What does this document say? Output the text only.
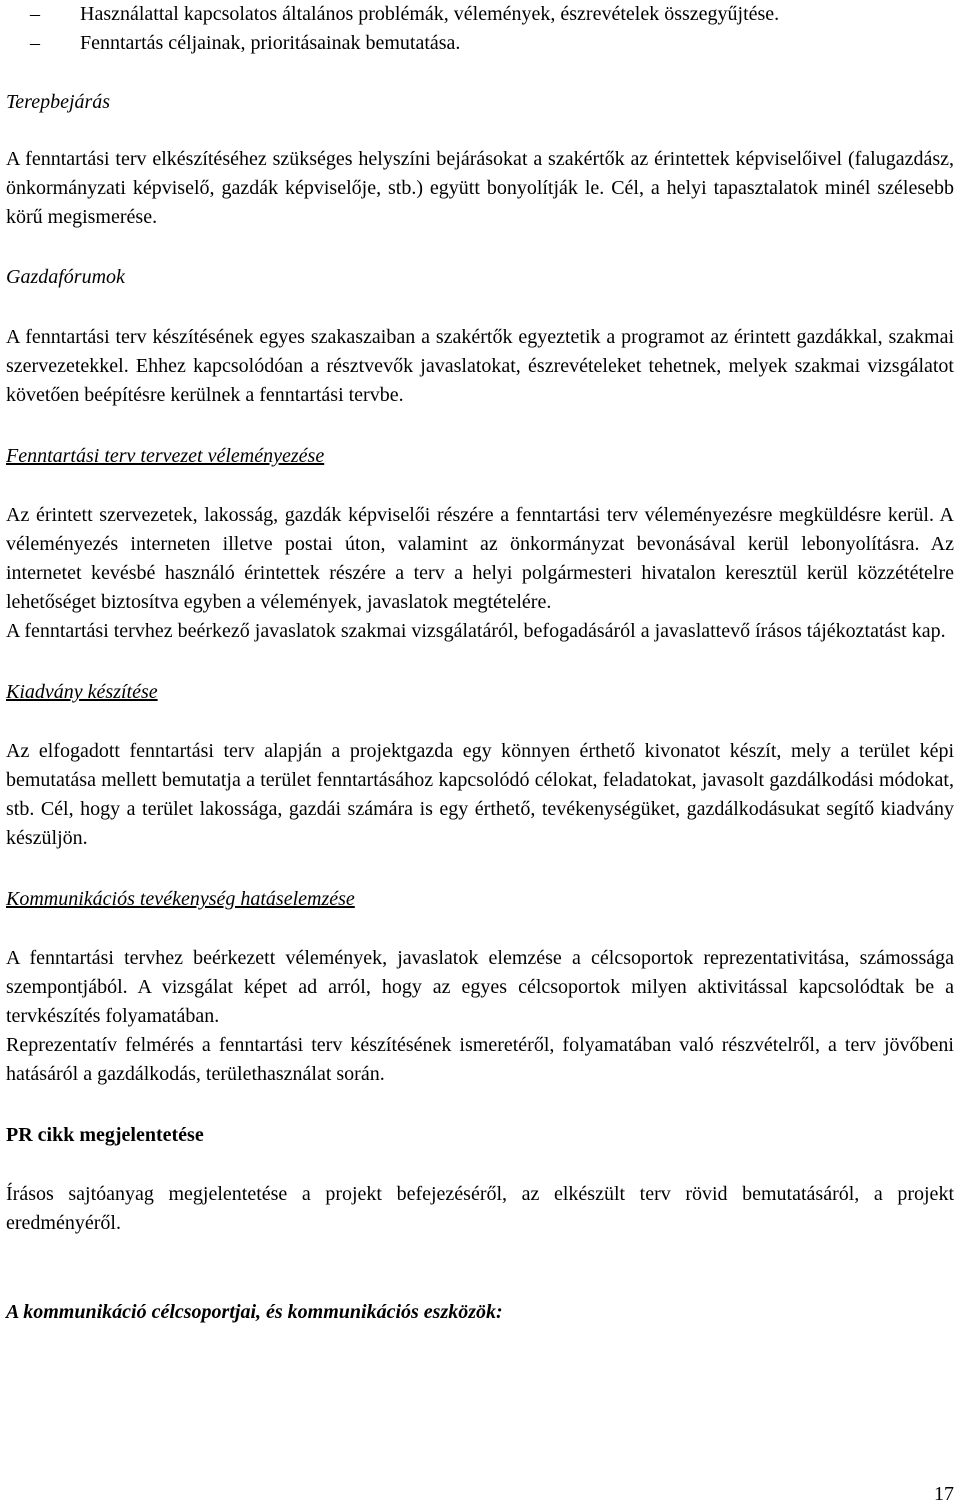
– Használattal kapcsolatos általános problémák, vélemények, észrevételek összegyűjtése.
– Fenntartás céljainak, prioritásainak bemutatása.
Terepbejárás

A fenntartási terv elkészítéséhez szükséges helyszíni bejárásokat a szakértők az érintettek képviselőivel (falugazdász, önkormányzati képviselő, gazdák képviselője, stb.) együtt bonyolítják le. Cél, a helyi tapasztalatok minél szélesebb körű megismerése.

Gazdafórumok

A fenntartási terv készítésének egyes szakaszaiban a szakértők egyeztetik a programot az érintett gazdákkal, szakmai szervezetekkel. Ehhez kapcsolódóan a résztvevők javaslatokat, észrevételeket tehetnek, melyek szakmai vizsgálatot követően beépítésre kerülnek a fenntartási tervbe.

Fenntartási terv tervezet véleményezése

Az érintett szervezetek, lakosság, gazdák képviselői részére a fenntartási terv véleményezésre megküldésre kerül. A véleményezés interneten illetve postai úton, valamint az önkormányzat bevonásával kerül lebonyolításra. Az internetet kevésbé használó érintettek részére a terv a helyi polgármesteri hivatalon keresztül kerül közzétételre lehetőséget biztosítva egyben a vélemények, javaslatok megtételére.

A fenntartási tervhez beérkező javaslatok szakmai vizsgálatáról, befogadásáról a javaslattevő írásos tájékoztatást kap.

Kiadvány készítése

Az elfogadott fenntartási terv alapján a projektgazda egy könnyen érthető kivonatot készít, mely a terület képi bemutatása mellett bemutatja a terület fenntartásához kapcsolódó célokat, feladatokat, javasolt gazdálkodási módokat, stb. Cél, hogy a terület lakossága, gazdái számára is egy érthető, tevékenységüket, gazdálkodásukat segítő kiadvány készüljön.

Kommunikációs tevékenység hatáselemzése

A fenntartási tervhez beérkezett vélemények, javaslatok elemzése a célcsoportok reprezentativitása, számossága szempontjából. A vizsgálat képet ad arról, hogy az egyes célcsoportok milyen aktivitással kapcsolódtak be a tervkészítés folyamatában.

Reprezentatív felmérés a fenntartási terv készítésének ismeretéről, folyamatában való részvételről, a terv jövőbeni hatásáról a gazdálkodás, területhasználat során.

PR cikk megjelentetése

Írásos sajtóanyag megjelentetése a projekt befejezéséről, az elkészült terv rövid bemutatásáról, a projekt eredményéről.

A kommunikáció célcsoportjai, és kommunikációs eszközök:
17
